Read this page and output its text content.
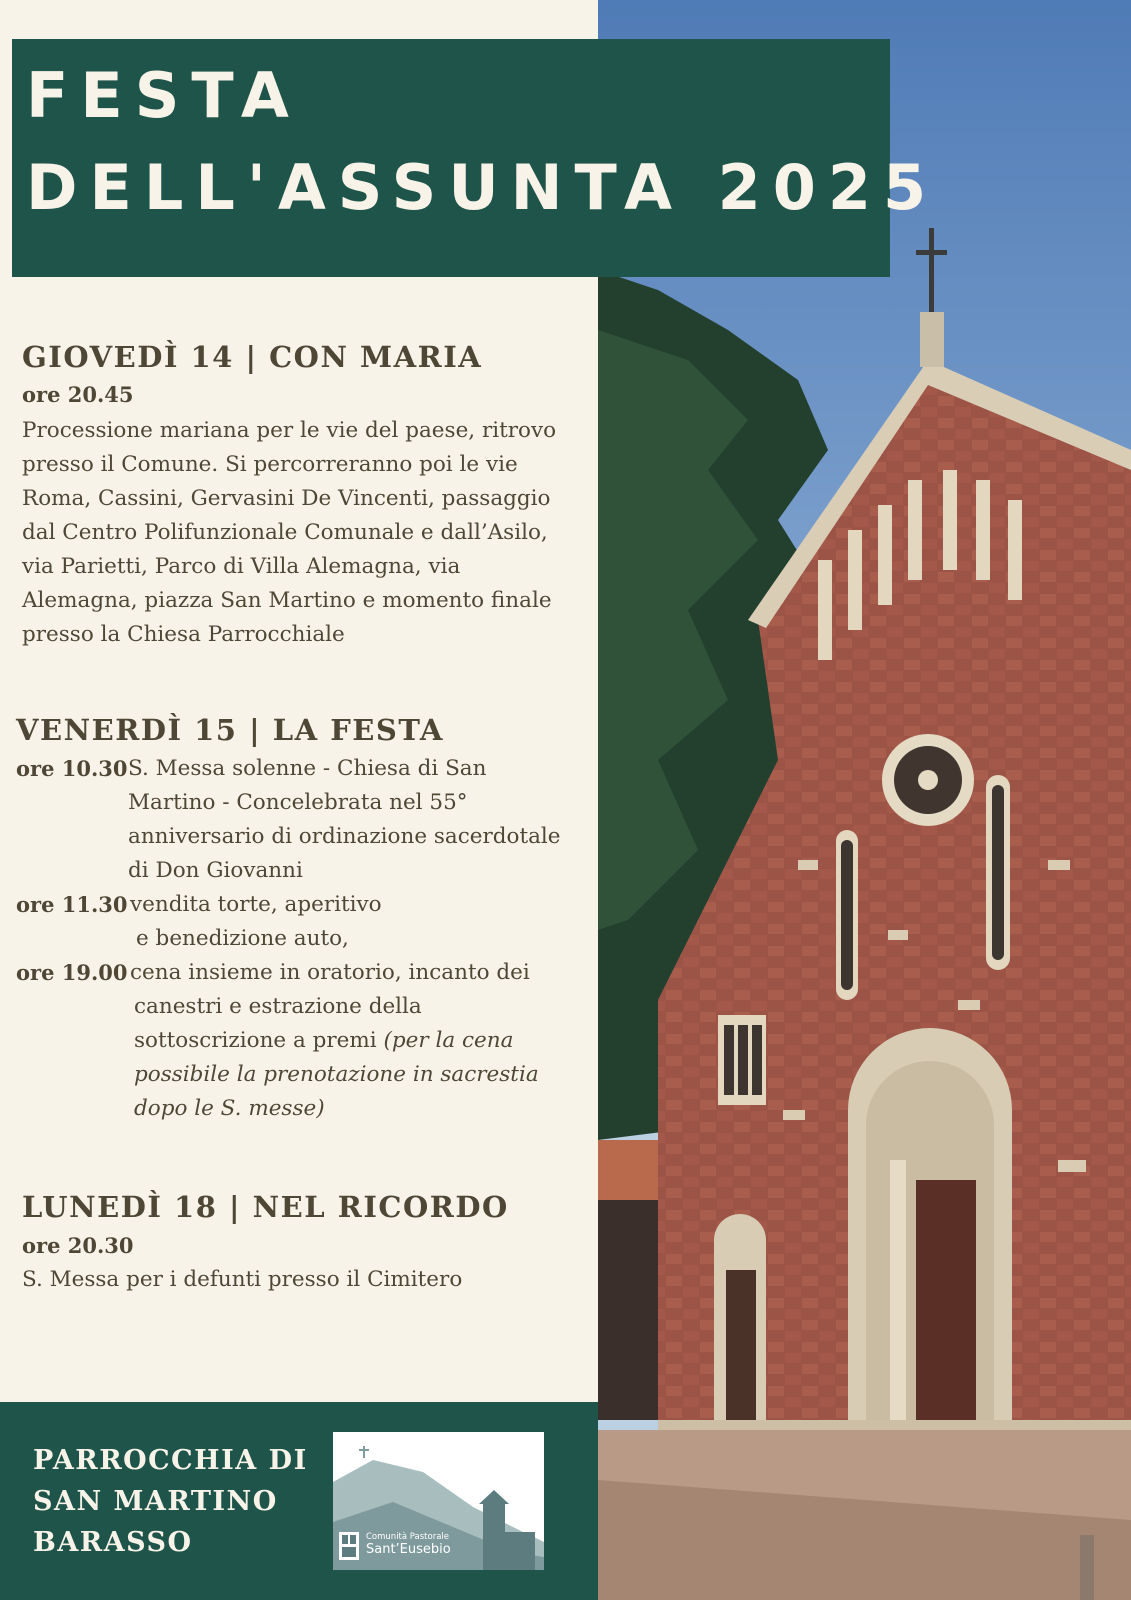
FESTA
DELL'ASSUNTA 2025
GIOVEDÌ 14 | CON MARIA
ore 20.45
Processione mariana per le vie del paese, ritrovo
presso il Comune. Si percorreranno poi le vie
Roma, Cassini, Gervasini De Vincenti, passaggio
dal Centro Polifunzionale Comunale e dall’Asilo,
via Parietti, Parco di Villa Alemagna, via
Alemagna, piazza San Martino e momento finale
presso la Chiesa Parrocchiale
VENERDÌ 15 | LA FESTA
ore 10.30 S. Messa solenne - Chiesa di San
Martino - Concelebrata nel 55°
anniversario di ordinazione sacerdotale
di Don Giovanni
ore 11.30 vendita torte, aperitivo
e benedizione auto,
ore 19.00 cena insieme in oratorio, incanto dei
canestri e estrazione della
sottoscrizione a premi (per la cena
possibile la prenotazione in sacrestia
dopo le S. messe)
LUNEDÌ 18 | NEL RICORDO
ore 20.30
S. Messa per i defunti presso il Cimitero
PARROCCHIA DI
SAN MARTINO
BARASSO	Comunità Pastorale
Sant’Eusebio
